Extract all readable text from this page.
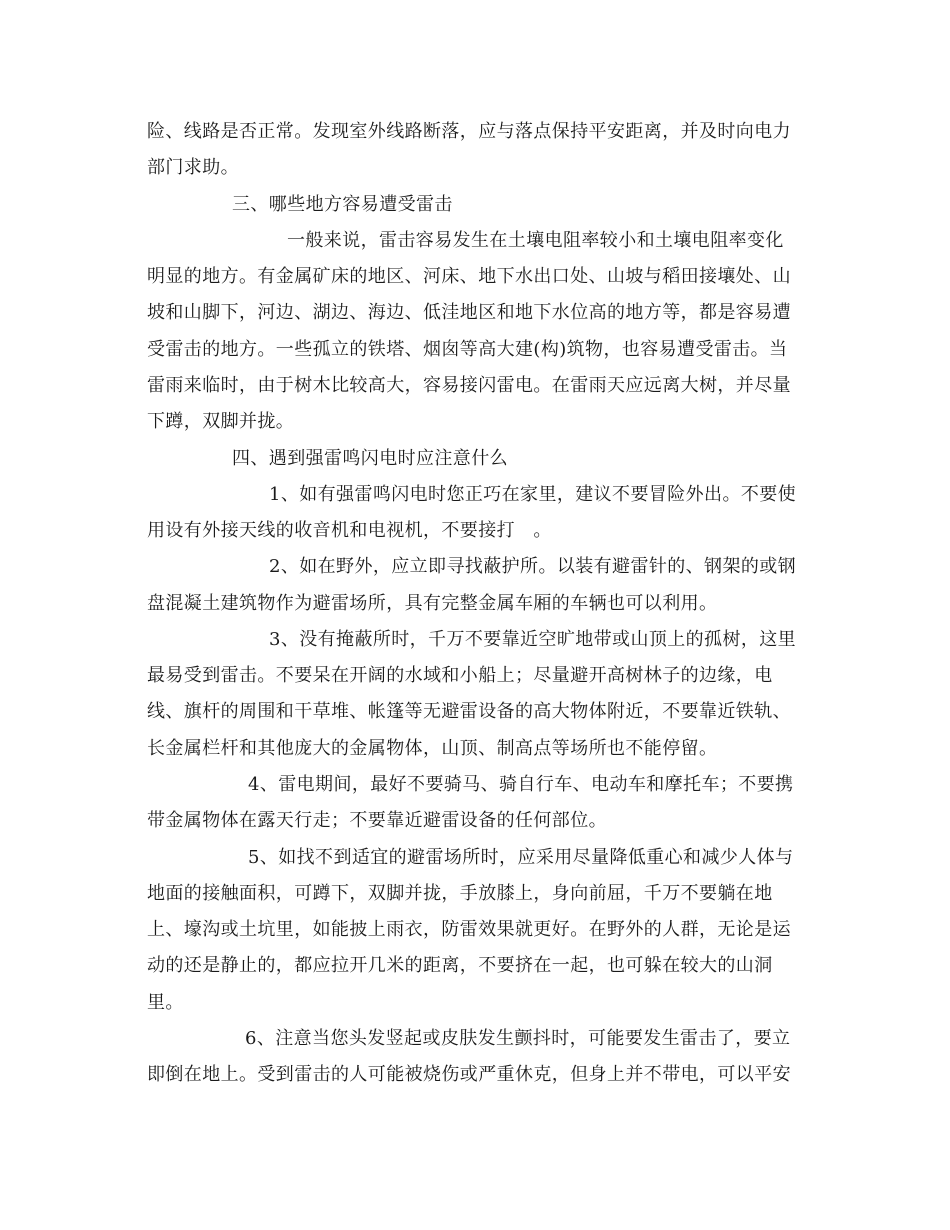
险、线路是否正常。发现室外线路断落，应与落点保持平安距离，并及时向电力
部门求助。
三、哪些地方容易遭受雷击
一般来说，雷击容易发生在土壤电阻率较小和土壤电阻率变化
明显的地方。有金属矿床的地区、河床、地下水出口处、山坡与稻田接壤处、山
坡和山脚下，河边、湖边、海边、低洼地区和地下水位高的地方等，都是容易遭
受雷击的地方。一些孤立的铁塔、烟囱等高大建(构)筑物，也容易遭受雷击。当
雷雨来临时，由于树木比较高大，容易接闪雷电。在雷雨天应远离大树，并尽量
下蹲，双脚并拢。
四、遇到强雷鸣闪电时应注意什么
1、如有强雷鸣闪电时您正巧在家里，建议不要冒险外出。不要使
用设有外接天线的收音机和电视机，不要接打　。
2、如在野外，应立即寻找蔽护所。以装有避雷针的、钢架的或钢
盘混凝土建筑物作为避雷场所，具有完整金属车厢的车辆也可以利用。
3、没有掩蔽所时，千万不要靠近空旷地带或山顶上的孤树，这里
最易受到雷击。不要呆在开阔的水域和小船上；尽量避开高树林子的边缘，电
线、旗杆的周围和干草堆、帐篷等无避雷设备的高大物体附近，不要靠近铁轨、
长金属栏杆和其他庞大的金属物体，山顶、制高点等场所也不能停留。
4、雷电期间，最好不要骑马、骑自行车、电动车和摩托车；不要携
带金属物体在露天行走；不要靠近避雷设备的任何部位。
5、如找不到适宜的避雷场所时，应采用尽量降低重心和减少人体与
地面的接触面积，可蹲下，双脚并拢，手放膝上，身向前屈，千万不要躺在地
上、壕沟或土坑里，如能披上雨衣，防雷效果就更好。在野外的人群，无论是运
动的还是静止的，都应拉开几米的距离，不要挤在一起，也可躲在较大的山洞
里。
6、注意当您头发竖起或皮肤发生颤抖时，可能要发生雷击了，要立
即倒在地上。受到雷击的人可能被烧伤或严重休克，但身上并不带电，可以平安
